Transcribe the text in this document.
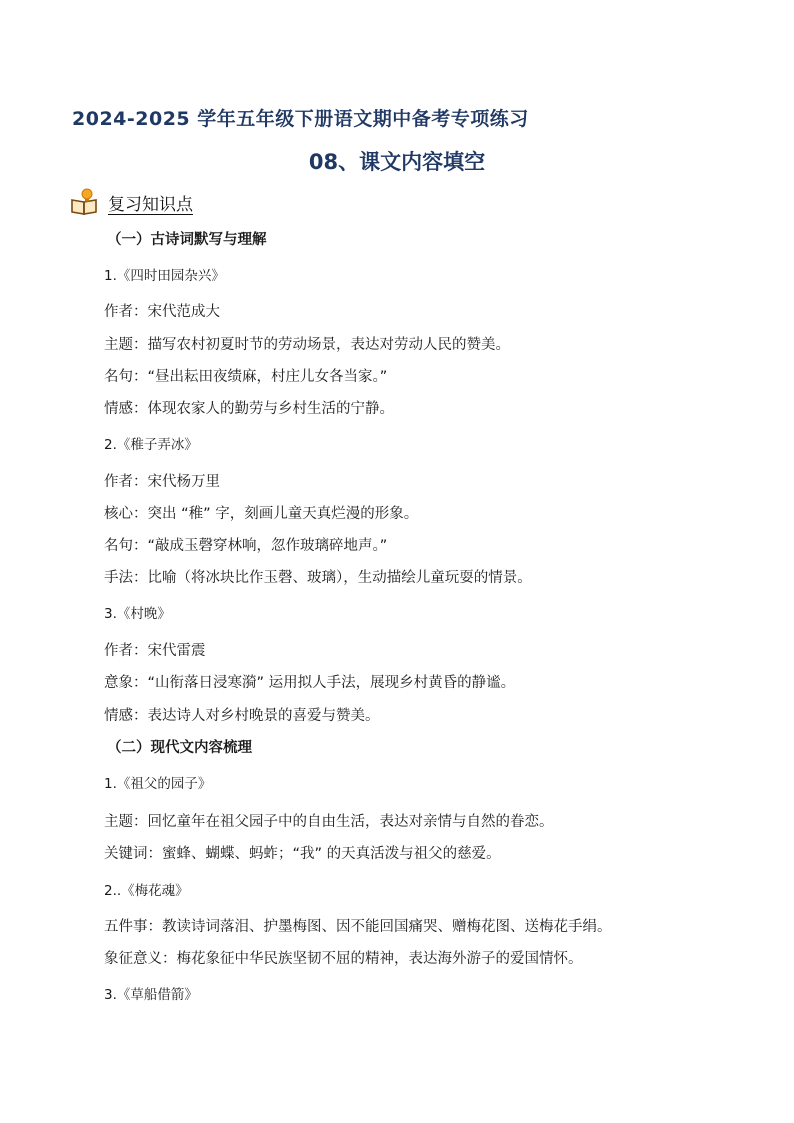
2024-2025 学年五年级下册语文期中备考专项练习
08、课文内容填空
复习知识点
（一）古诗词默写与理解
1.《四时田园杂兴》
作者：宋代范成大
主题：描写农村初夏时节的劳动场景，表达对劳动人民的赞美。
名句：“昼出耘田夜绩麻，村庄儿女各当家。”
情感：体现农家人的勤劳与乡村生活的宁静。
2.《稚子弄冰》
作者：宋代杨万里
核心：突出 “稚” 字，刻画儿童天真烂漫的形象。
名句：“敲成玉磬穿林响，忽作玻璃碎地声。”
手法：比喻（将冰块比作玉磬、玻璃），生动描绘儿童玩耍的情景。
3.《村晚》
作者：宋代雷震
意象：“山衔落日浸寒漪” 运用拟人手法，展现乡村黄昏的静谧。
情感：表达诗人对乡村晚景的喜爱与赞美。
（二）现代文内容梳理
1.《祖父的园子》
主题：回忆童年在祖父园子中的自由生活，表达对亲情与自然的眷恋。
关键词：蜜蜂、蝴蝶、蚂蚱；“我” 的天真活泼与祖父的慈爱。
2..《梅花魂》
五件事：教读诗词落泪、护墨梅图、因不能回国痛哭、赠梅花图、送梅花手绢。
象征意义：梅花象征中华民族坚韧不屈的精神，表达海外游子的爱国情怀。
3.《草船借箭》
